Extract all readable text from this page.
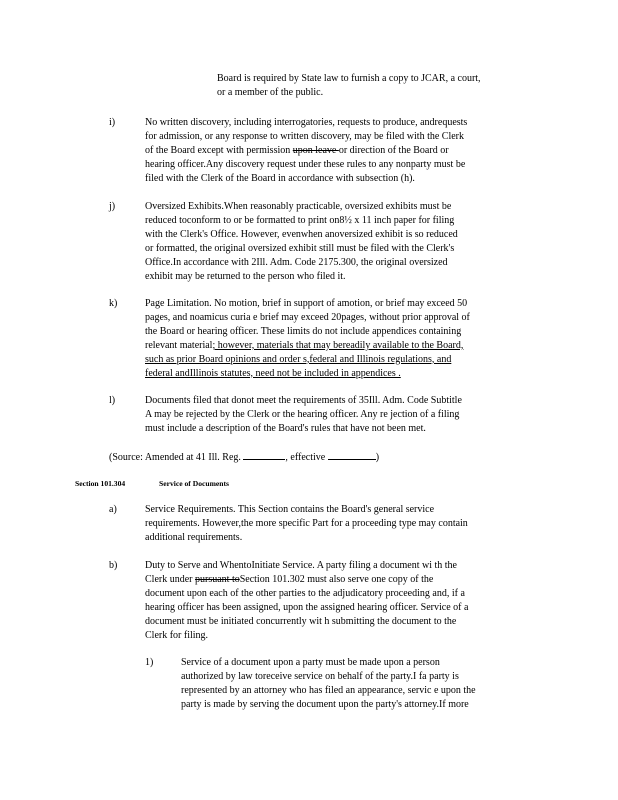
Board is required by State law to furnish a copy to JCAR, a court,
or a member of the public.
i)	No written discovery, including interrogatories, requests to produce, andrequests
for admission, or any response to written discovery, may be filed with the Clerk
of the Board except with permission upon leave or direction of the Board or
hearing officer.Any discovery request under these rules to any nonparty must be
filed with the Clerk of the Board in accordance with subsection (h).
j)	Oversized Exhibits.When reasonably practicable, oversized exhibits must be
reduced toconform to or be formatted to print on8½ x 11 inch paper for filing
with the Clerk's Office. However, evenwhen anoversized exhibit is so reduced
or formatted, the original oversized exhibit still must be filed with the Clerk's
Office.In accordance with 2Ill. Adm. Code 2175.300, the original oversized
exhibit may be returned to the person who filed it.
k)	Page Limitation. No motion, brief in support of amotion, or brief may exceed 50
pages, and noamicus curia e brief may exceed 20pages, without prior approval of
the Board or hearing officer. These limits do not include appendices containing
relevant material; however, materials that may bereadily available to the Board,
such as prior Board opinions and order s,federal and Illinois regulations, and
federal andIllinois statutes, need not be included in appendices .
l)	Documents filed that donot meet the requirements of 35Ill. Adm. Code Subtitle
A may be rejected by the Clerk or the hearing officer. Any re jection of a filing
must include a description of the Board's rules that have not been met.
(Source: Amended at 41 Ill. Reg.	, effective	)
Section 101.304	Service of Documents
a)	Service Requirements. This Section contains the Board's general service
requirements. However,the more specific Part for a proceeding type may contain
additional requirements.
b)	Duty to Serve and WhentoInitiate Service. A party filing a document wi th the
Clerk under pursuant toSection 101.302 must also serve one copy of the
document upon each of the other parties to the adjudicatory proceeding and, if a
hearing officer has been assigned, upon the assigned hearing officer. Service of a
document must be initiated concurrently wit h submitting the document to the
Clerk for filing.
1)	Service of a document upon a party must be made upon a person
authorized by law toreceive service on behalf of the party.I fa party is
represented by an attorney who has filed an appearance, servic e upon the
party is made by serving the document upon the party's attorney.If more
